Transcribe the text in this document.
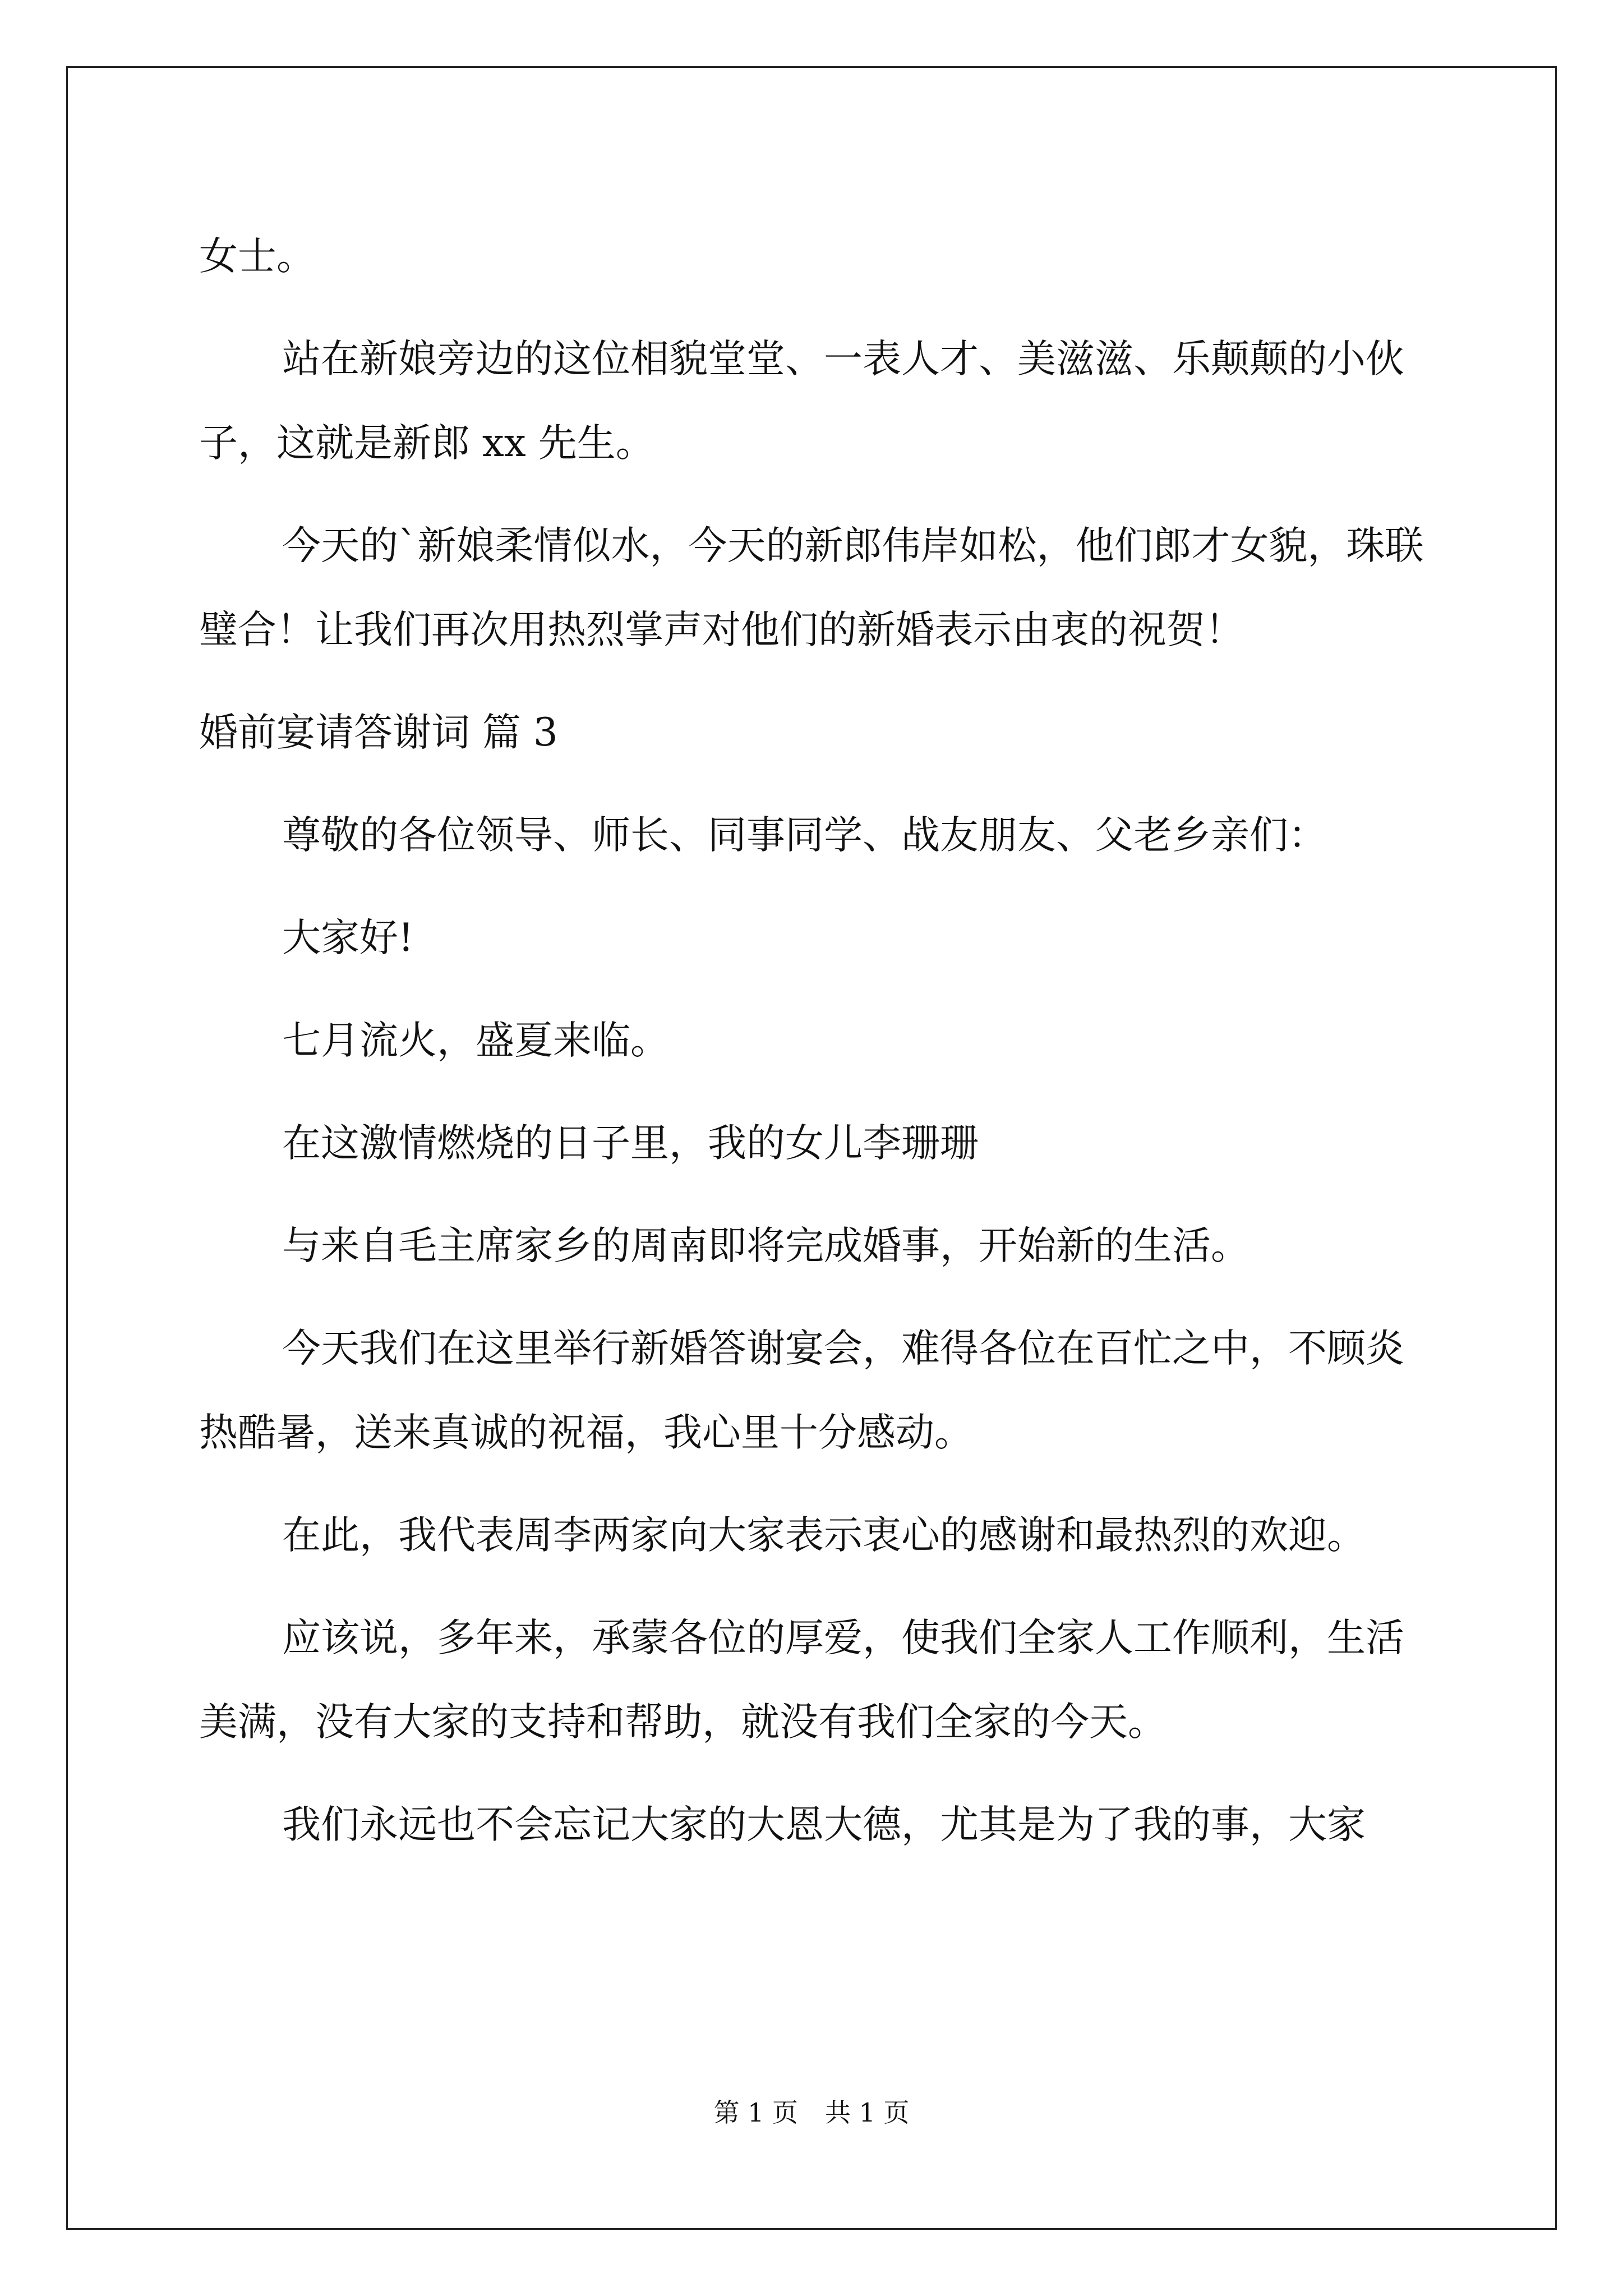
女士。

站在新娘旁边的这位相貌堂堂、一表人才、美滋滋、乐颠颠的小伙子，这就是新郎 xx 先生。

今天的`新娘柔情似水，今天的新郎伟岸如松，他们郎才女貌，珠联璧合！让我们再次用热烈掌声对他们的新婚表示由衷的祝贺！

婚前宴请答谢词 篇 3

尊敬的各位领导、师长、同事同学、战友朋友、父老乡亲们：

大家好!

七月流火，盛夏来临。

在这激情燃烧的日子里，我的女儿李珊珊

与来自毛主席家乡的周南即将完成婚事，开始新的生活。

今天我们在这里举行新婚答谢宴会，难得各位在百忙之中，不顾炎热酷暑，送来真诚的祝福，我心里十分感动。

在此，我代表周李两家向大家表示衷心的感谢和最热烈的欢迎。

应该说，多年来，承蒙各位的厚爱，使我们全家人工作顺利，生活美满，没有大家的支持和帮助，就没有我们全家的今天。

我们永远也不会忘记大家的大恩大德，尤其是为了我的事，大家

第 1 页 共 1 页
